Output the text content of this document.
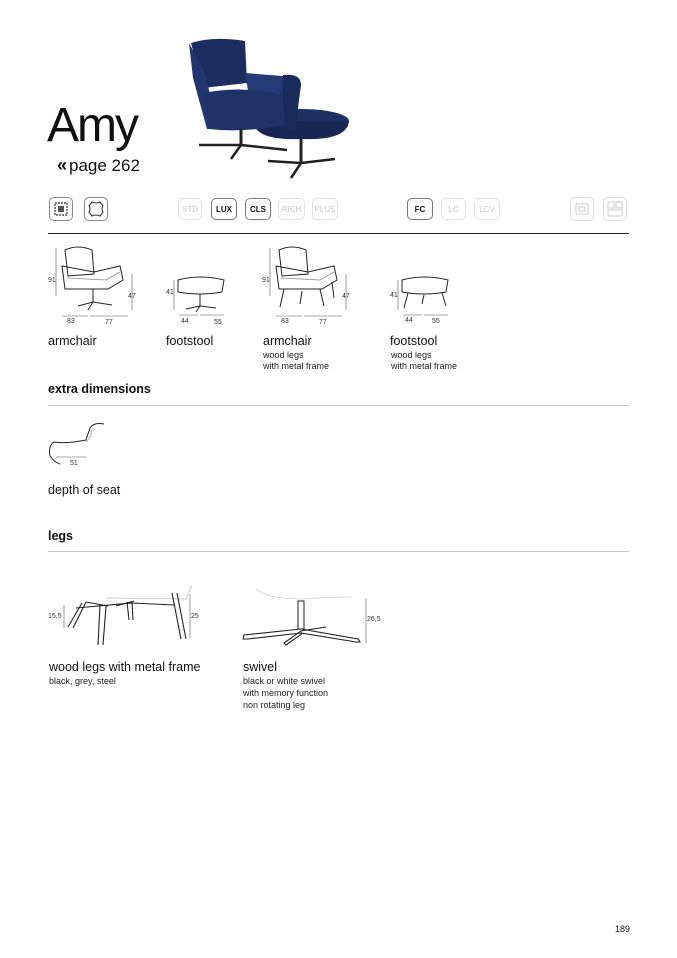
Amy
« page 262
STD	LUX	CLS	RICH	PLUS	FC	LC	LCV
91
47
83	77
armchair
41
44	55
footstool
91
47
83	77
armchair
wood legs
with metal frame
41
44	55
footstool
wood legs
with metal frame
extra dimensions
51
depth of seat
legs
15,5	25
wood legs with metal frame
black, grey, steel
26,5
swivel
black or white swivel
with memory function
non rotating leg
189
